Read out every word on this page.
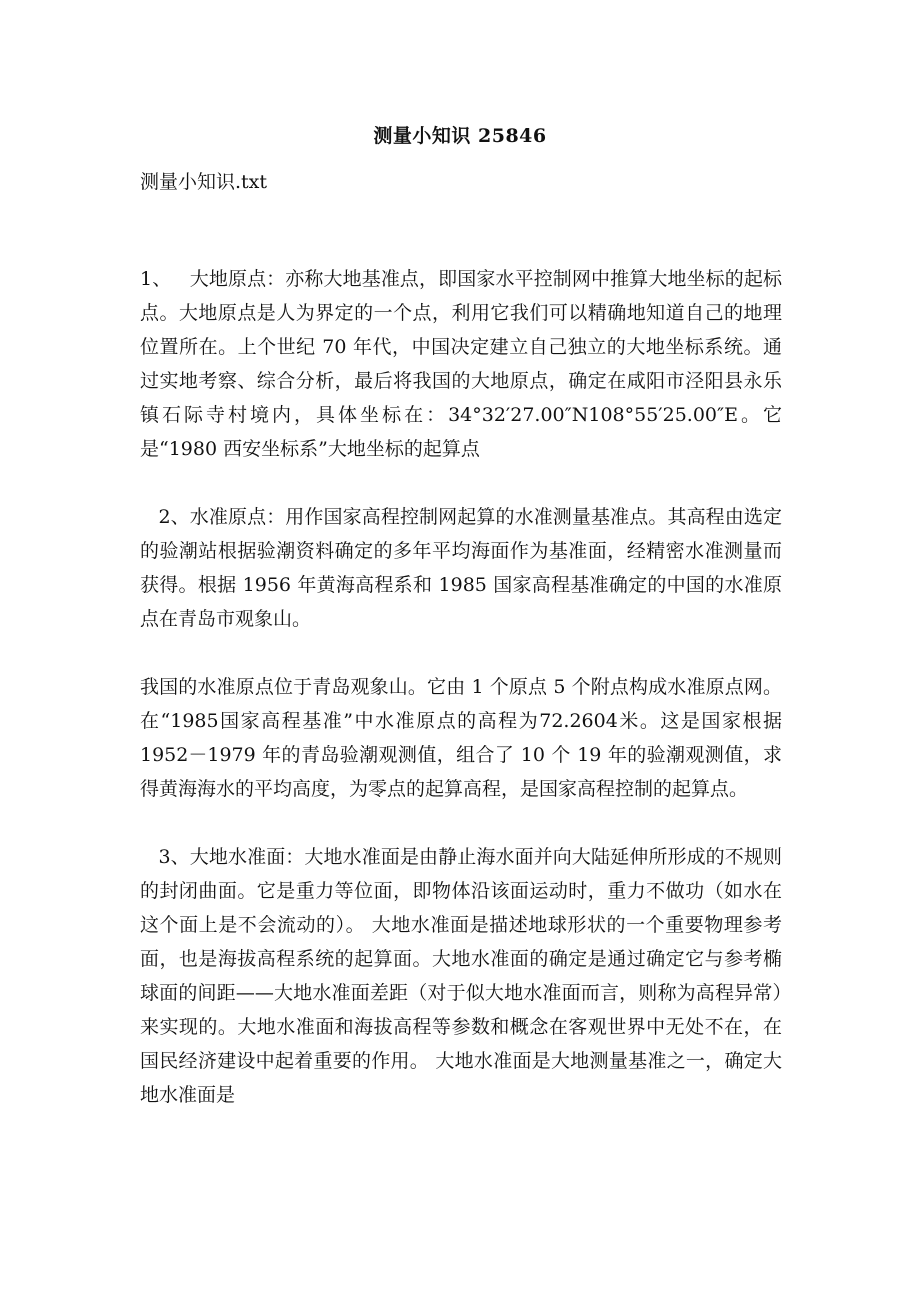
测量小知识 25846
测量小知识.txt

1、   大地原点：亦称大地基准点，即国家水平控制网中推算大地坐标的起标点。大地原点是人为界定的一个点，利用它我们可以精确地知道自己的地理位置所在。上个世纪 70 年代，中国决定建立自己独立的大地坐标系统。通过实地考察、综合分析，最后将我国的大地原点，确定在咸阳市泾阳县永乐镇石际寺村境内，具体坐标在：34°32′27.00″N108°55′25.00″E。它是“1980 西安坐标系”大地坐标的起算点

2、水准原点：用作国家高程控制网起算的水准测量基准点。其高程由选定的验潮站根据验潮资料确定的多年平均海面作为基准面，经精密水准测量而获得。根据 1956 年黄海高程系和 1985 国家高程基准确定的中国的水准原点在青岛市观象山。

我国的水准原点位于青岛观象山。它由 1 个原点 5 个附点构成水准原点网。在“1985国家高程基准”中水准原点的高程为72.2604米。这是国家根据 1952－1979 年的青岛验潮观测值，组合了 10 个 19 年的验潮观测值，求得黄海海水的平均高度，为零点的起算高程，是国家高程控制的起算点。

3、大地水准面：大地水准面是由静止海水面并向大陆延伸所形成的不规则的封闭曲面。它是重力等位面，即物体沿该面运动时，重力不做功（如水在这个面上是不会流动的）。 大地水准面是描述地球形状的一个重要物理参考面，也是海拔高程系统的起算面。大地水准面的确定是通过确定它与参考椭球面的间距——大地水准面差距（对于似大地水准面而言，则称为高程异常）来实现的。大地水准面和海拔高程等参数和概念在客观世界中无处不在，在国民经济建设中起着重要的作用。 大地水准面是大地测量基准之一，确定大地水准面是
